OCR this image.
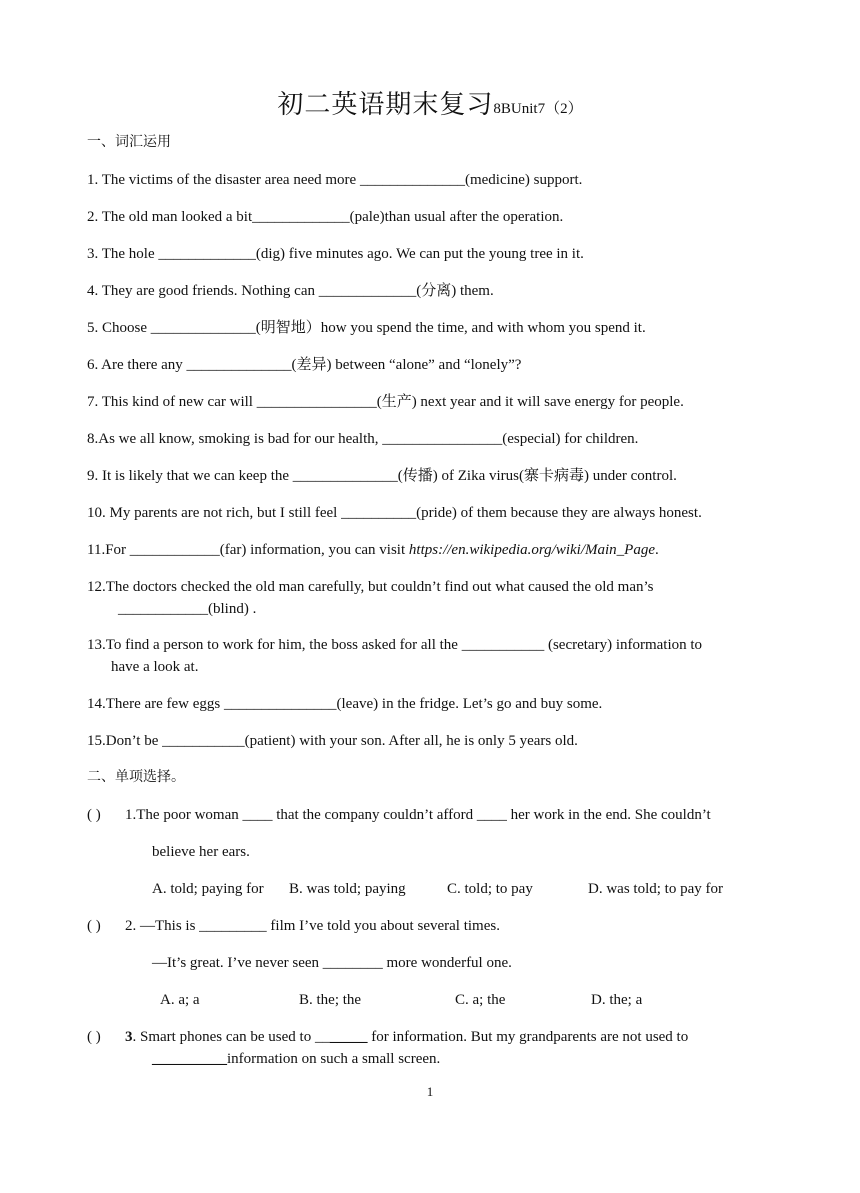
初二英语期末复习8BUnit7（2）
一、词汇运用
1. The victims of the disaster area need more ______________(medicine) support.
2. The old man looked a bit_____________(pale)than usual after the operation.
3. The hole _____________(dig) five minutes ago. We can put the young tree in it.
4. They are good friends. Nothing can _____________(分离) them.
5. Choose ______________(明智地）how you spend the time, and with whom you spend it.
6. Are there any ______________(差异) between “alone” and “lonely”?
7. This kind of new car will ________________(生产) next year and it will save energy for people.
8.As we all know, smoking is bad for our health, ________________(especial) for children.
9. It is likely that we can keep the ______________(传播) of Zika virus(寨卡病毒) under control.
10. My parents are not rich, but I still feel __________(pride) of them because they are always honest.
11.For ____________(far) information, you can visit https://en.wikipedia.org/wiki/Main_Page.
12.The doctors checked the old man carefully, but couldn’t find out what caused the old man’s
____________(blind) .
13.To find a person to work for him, the boss asked for all the ___________ (secretary) information to
have a look at.
14.There are few eggs _______________(leave) in the fridge. Let’s go and buy some.
15.Don’t be ___________(patient) with your son. After all, he is only 5 years old.
二、单项选择。
( ) 1.The poor woman ____ that the company couldn’t afford ____ her work in the end. She couldn’t
believe her ears.
A. told; paying for B. was told; paying	C. told; to pay	D. was told; to pay for
( ) 2. —This is _________ film I’ve told you about several times.
—It’s great. I’ve never seen ________ more wonderful one.
A. a; a	B. the; the	C. a; the	D. the; a
( ) 3. Smart phones can be used to _______ for information. But my grandparents are not used to
__________information on such a small screen.
1
